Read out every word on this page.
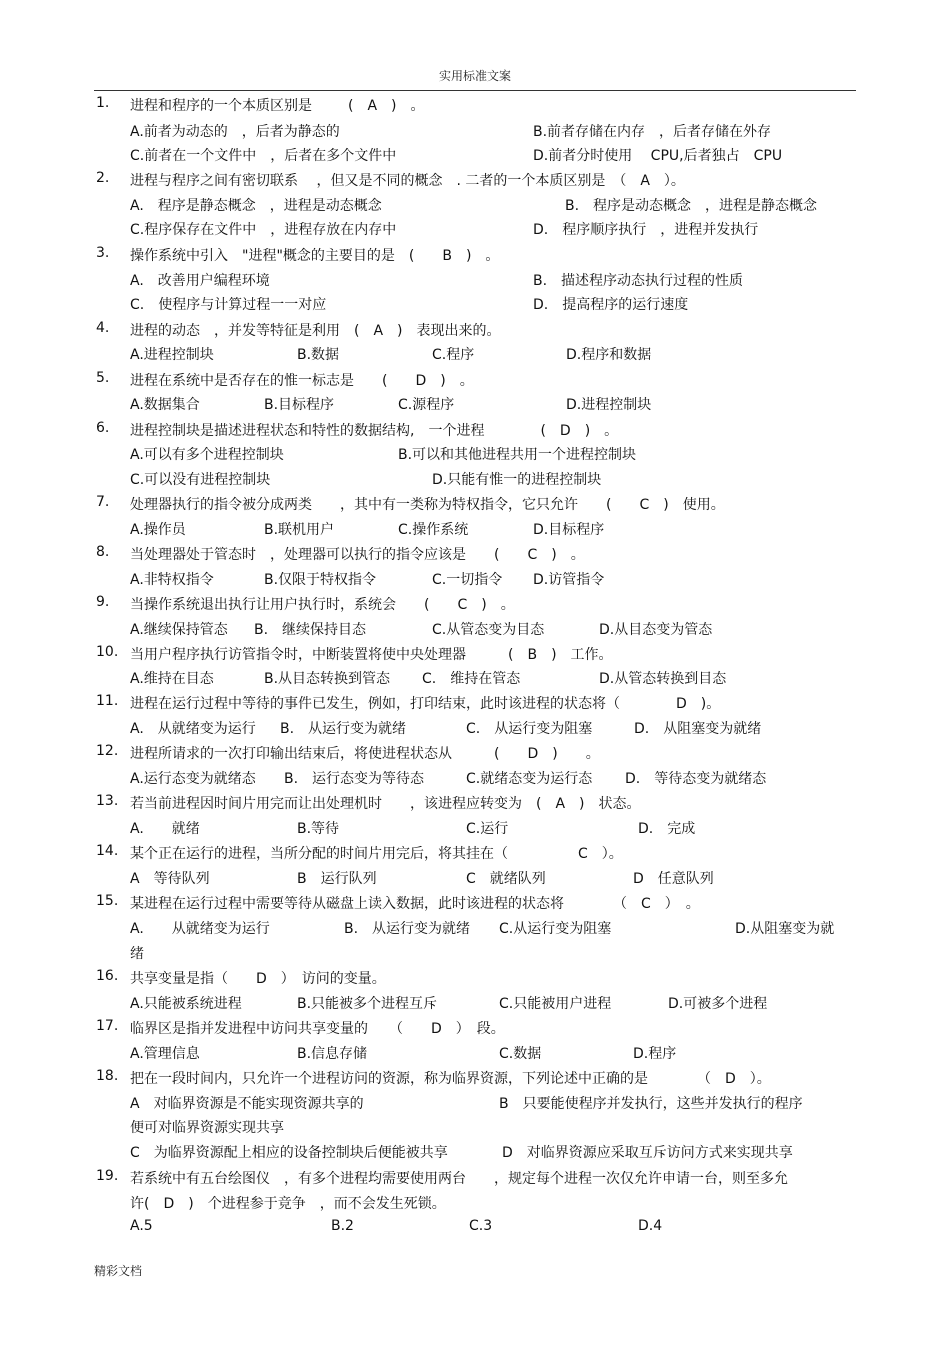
实用标准文案
1. 进程和程序的一个本质区别是	(　A　)　。
A.前者为动态的　，后者为静态的	B.前者存储在内存　，后者存储在外存
C.前者在一个文件中　，后者在多个文件中	D.前者分时使用　 CPU,后者独占　CPU
2. 进程与程序之间有密切联系　 ，但又是不同的概念　. 二者的一个本质区别是　（　A　）。
A.　程序是静态概念　，进程是动态概念	B.　程序是动态概念　，进程是静态概念
C.程序保存在文件中　，进程存放在内存中	D.　程序顺序执行　，进程并发执行
3. 操作系统中引入　"进程"概念的主要目的是　(　　B　)　。
A.　改善用户编程环境	B.　描述程序动态执行过程的性质
C.　使程序与计算过程一一对应	D.　提高程序的运行速度
4. 进程的动态　，并发等特征是利用　(　A　)　表现出来的。
A.进程控制块	B.数据	C.程序	D.程序和数据
5. 进程在系统中是否存在的惟一标志是　　(　　D　)　。
A.数据集合	B.目标程序	C.源程序	D.进程控制块
6. 进程控制块是描述进程状态和特性的数据结构,　一个进程　　　　(　D　)　。
A.可以有多个进程控制块	B.可以和其他进程共用一个进程控制块
C.可以没有进程控制块	D.只能有惟一的进程控制块
7. 处理器执行的指令被分成两类　　，其中有一类称为特权指令，它只允许　　(　　C　)　使用。
A.操作员	B.联机用户	C.操作系统	D.目标程序
8. 当处理器处于管态时　，处理器可以执行的指令应该是　　(　　C　)　。
A.非特权指令	B.仅限于特权指令	C.一切指令 D.访管指令
9. 当操作系统退出执行让用户执行时，系统会　　(　　C　)　。
A.继续保持管态 B.　继续保持目态	C.从管态变为目态	D.从目态变为管态
10. 当用户程序执行访管指令时，中断装置将使中央处理器　　　(　B　)　工作。
A.维持在目态	B.从目态转换到管态 C.　维持在管态	D.从管态转换到目态
11. 进程在运行过程中等待的事件已发生，例如，打印结束，此时该进程的状态将（　　　　D　)。
A.　从就绪变为运行 B.　从运行变为就绪	C.　从运行变为阻塞	D.　从阻塞变为就绪
12. 进程所请求的一次打印输出结束后，将使进程状态从　　　(　　D　)　　。
A.运行态变为就绪态 B.　运行态变为等待态	C.就绪态变为运行态 D.　等待态变为就绪态
13. 若当前进程因时间片用完而让出处理机时　　，该进程应转变为　(　A　)　状态。
A.　　就绪	B.等待	C.运行	D.　完成
14. 某个正在运行的进程，当所分配的时间片用完后，将其挂在（　　　　　C　）。
A　等待队列	B　运行队列	C　就绪队列	D　任意队列
15. 某进程在运行过程中需要等待从磁盘上读入数据，此时该进程的状态将　　　　（　C　）　。
A.　　从就绪变为运行	B.　从运行变为就绪 C.从运行变为阻塞	D.从阻塞变为就
绪
16. 共享变量是指（　　D　）　访问的变量。
A.只能被系统进程	B.只能被多个进程互斥	C.只能被用户进程	D.可被多个进程
17. 临界区是指并发进程中访问共享变量的　　（　　D　）　段。
A.管理信息	B.信息存储	C.数据	D.程序
18. 把在一段时间内，只允许一个进程访问的资源，称为临界资源，下列论述中正确的是　　　　（　D　）。
A　对临界资源是不能实现资源共享的	B　只要能使程序并发执行，这些并发执行的程序
便可对临界资源实现共享
C　为临界资源配上相应的设备控制块后便能被共享	D　对临界资源应采取互斥访问方式来实现共享
19. 若系统中有五台绘图仪　，有多个进程均需要使用两台　　，规定每个进程一次仅允许申请一台，则至多允
许(　D　)　个进程参于竞争　，而不会发生死锁。
A.5	B.2	C.3	D.4
精彩文档
